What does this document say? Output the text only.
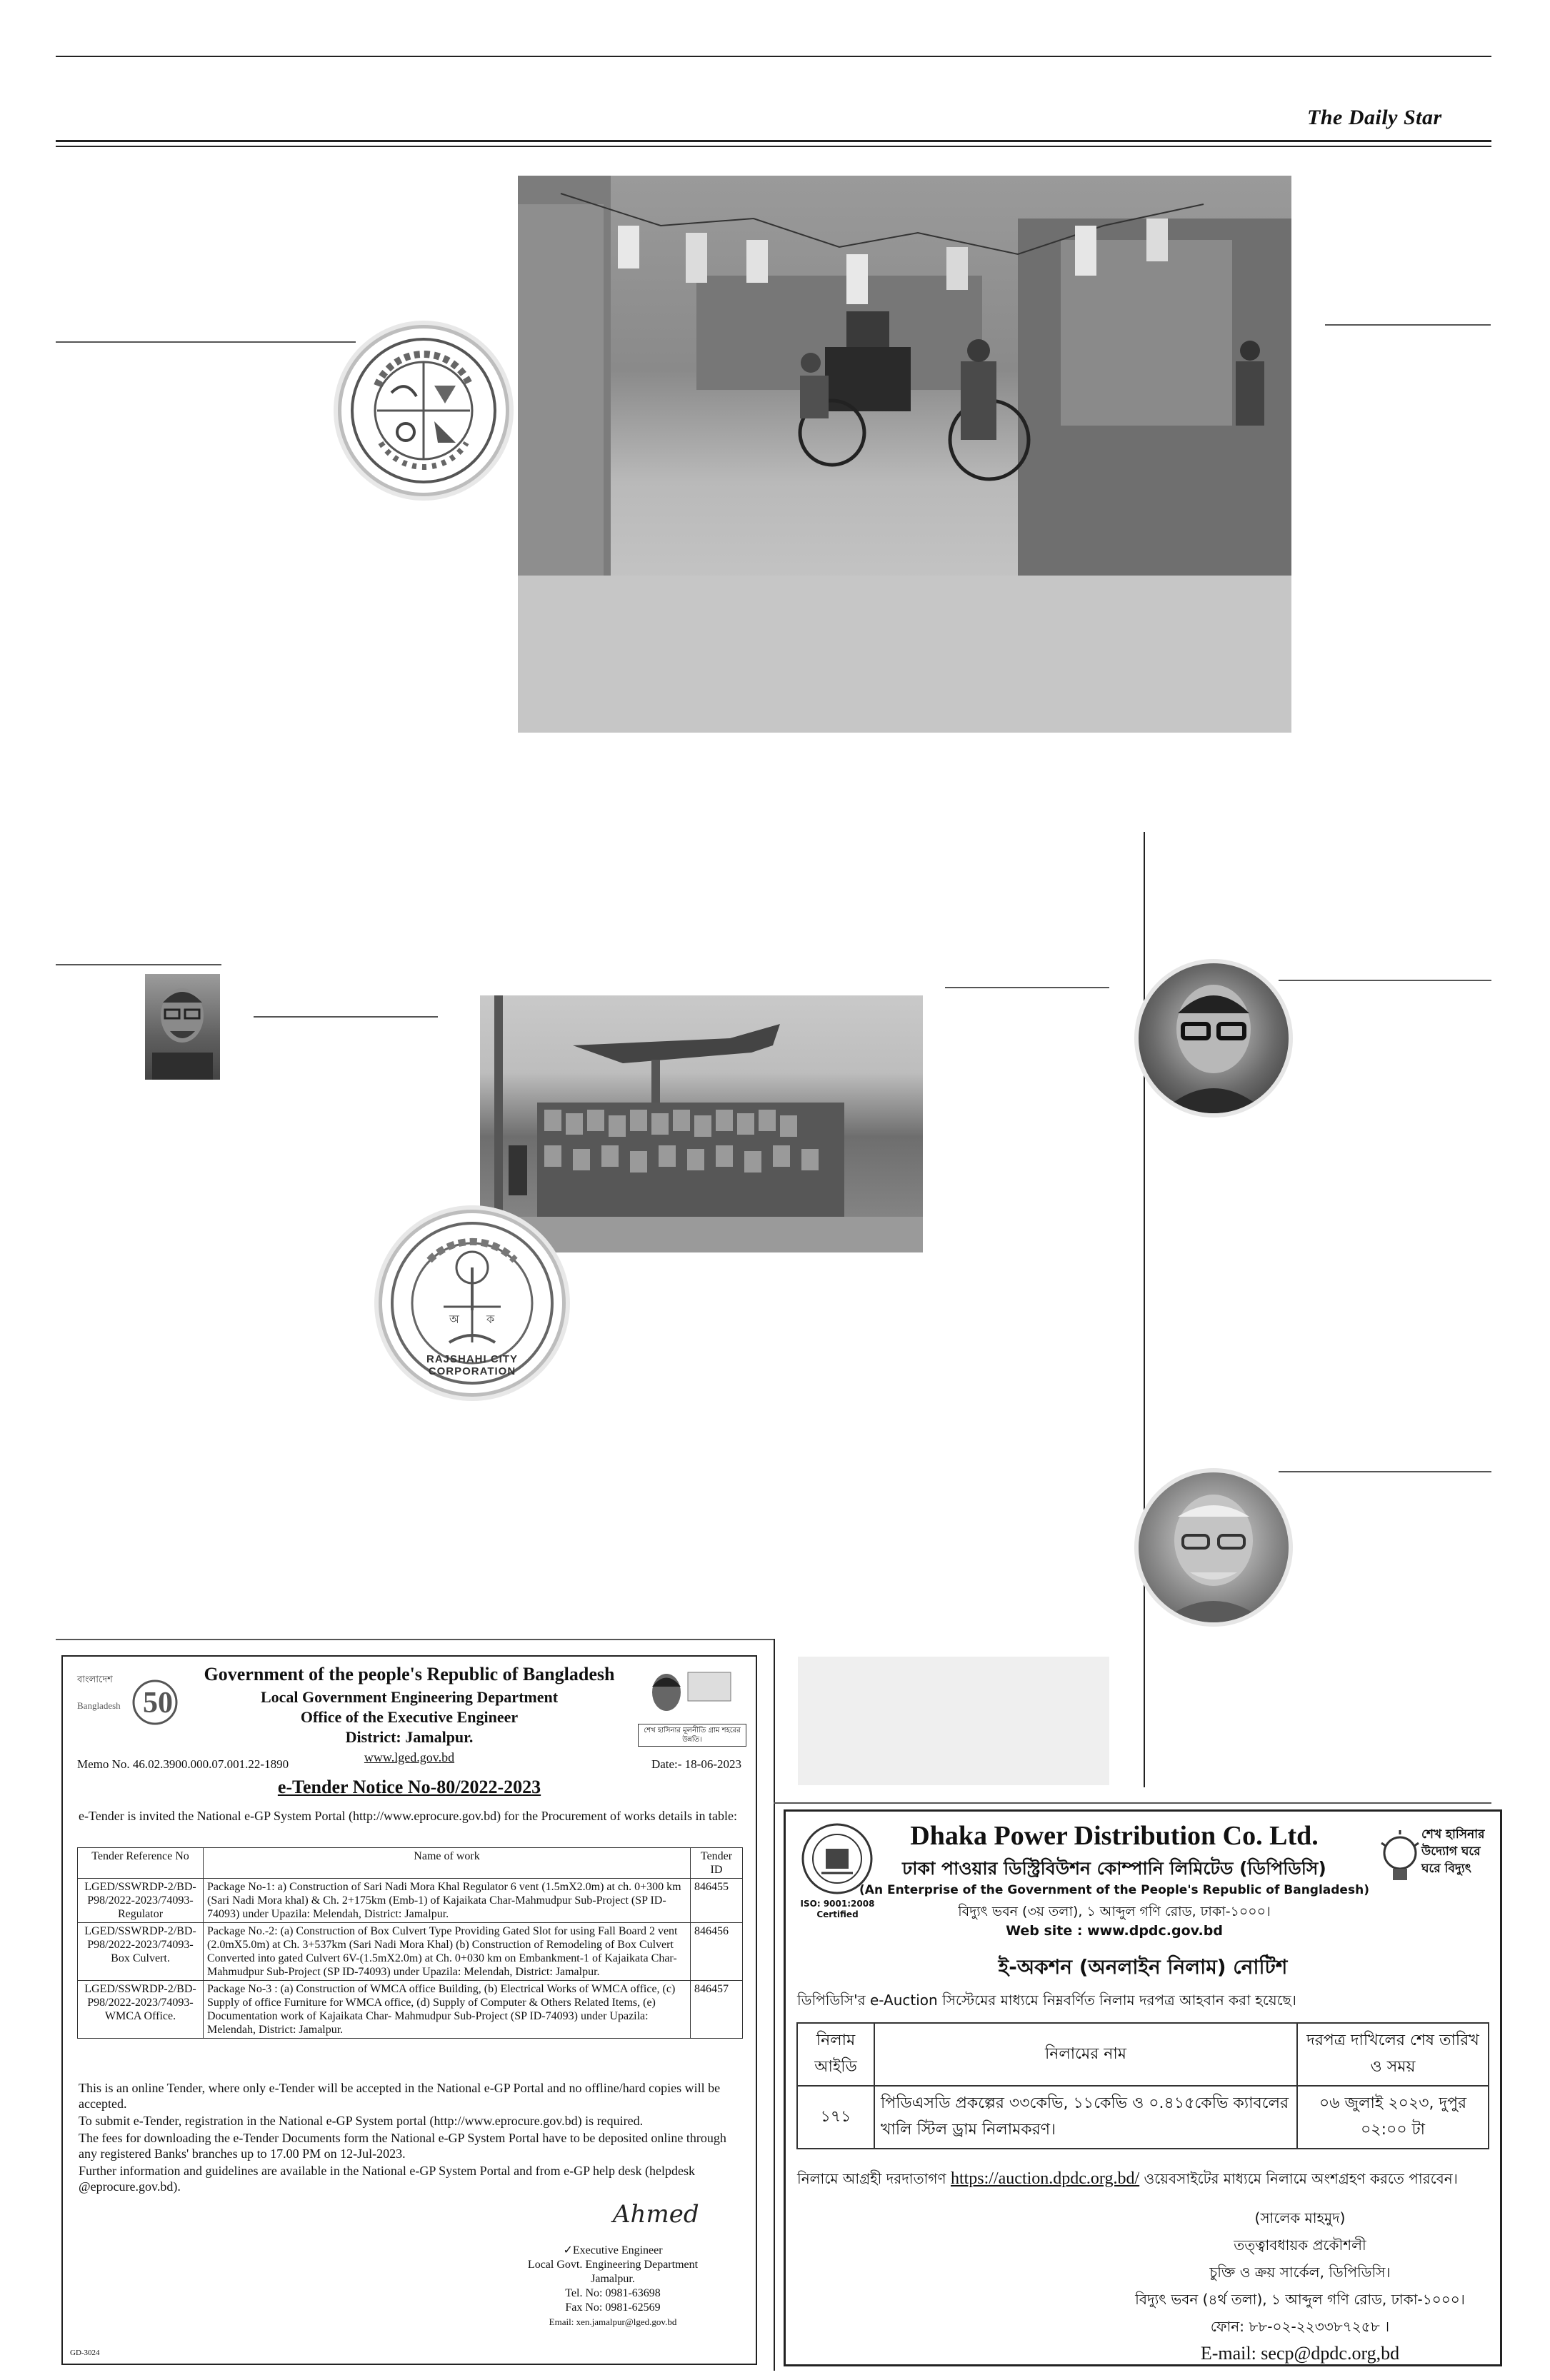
The Daily Star
অ ক
RAJSHAHI CITY CORPORATION
বাংলাদেশ
50
Bangladesh
Government of the people's Republic of Bangladesh
Local Government Engineering Department
Office of the Executive Engineer
District: Jamalpur.
www.lged.gov.bd
শেখ হাসিনার মূলনীতি গ্রাম শহরের উন্নতি।
Memo No. 46.02.3900.000.07.001.22-1890	Date:- 18-06-2023
e-Tender Notice No-80/2022-2023
e-Tender is invited the National e-GP System Portal (http://www.eprocure.gov.bd) for the Procurement of works details in table:
Tender Reference No	Name of work	Tender ID
LGED/SSWRDP-2/BD-P98/2022-2023/74093-Regulator	Package No-1: a) Construction of Sari Nadi Mora Khal Regulator 6 vent (1.5mX2.0m) at ch. 0+300 km (Sari Nadi Mora khal) & Ch. 2+175km (Emb-1) of Kajaikata Char-Mahmudpur Sub-Project (SP ID-74093) under Upazila: Melendah, District: Jamalpur.	846455
LGED/SSWRDP-2/BD-P98/2022-2023/74093-Box Culvert.	Package No.-2: (a) Construction of Box Culvert Type Providing Gated Slot for using Fall Board 2 vent (2.0mX5.0m) at Ch. 3+537km (Sari Nadi Mora Khal) (b) Construction of Remodeling of Box Culvert Converted into gated Culvert 6V-(1.5mX2.0m) at Ch. 0+030 km on Embankment-1 of Kajaikata Char-Mahmudpur Sub-Project (SP ID-74093) under Upazila: Melendah, District: Jamalpur.	846456
LGED/SSWRDP-2/BD-P98/2022-2023/74093-WMCA Office.	Package No-3 : (a) Construction of WMCA office Building, (b) Electrical Works of WMCA office, (c) Supply of office Furniture for WMCA office, (d) Supply of Computer & Others Related Items, (e) Documentation work of Kajaikata Char- Mahmudpur Sub-Project (SP ID-74093) under Upazila: Melendah, District: Jamalpur.	846457
This is an online Tender, where only e-Tender will be accepted in the National e-GP Portal and no offline/hard copies will be accepted.
To submit e-Tender, registration in the National e-GP System portal (http://www.eprocure.gov.bd) is required.
The fees for downloading the e-Tender Documents form the National e-GP System Portal have to be deposited online through any registered Banks' branches up to 17.00 PM on 12-Jul-2023.
Further information and guidelines are available in the National e-GP System Portal and from e-GP help desk (helpdesk @eprocure.gov.bd).
Ahmed
✓Executive Engineer
Local Govt. Engineering Department
Jamalpur.
Tel. No: 0981-63698
Fax No: 0981-62569
Email: xen.jamalpur@lged.gov.bd
GD-3024
ISO: 9001:2008
Certified
Dhaka Power Distribution Co. Ltd.
ঢাকা পাওয়ার ডিস্ট্রিবিউশন কোম্পানি লিমিটেড (ডিপিডিসি)
(An Enterprise of the Government of the People's Republic of Bangladesh)
বিদ্যুৎ ভবন (৩য় তলা), ১ আব্দুল গণি রোড, ঢাকা-১০০০।
Web site : www.dpdc.gov.bd
শেখ হাসিনার উদ্যোগ ঘরে ঘরে বিদ্যুৎ
ই-অকশন (অনলাইন নিলাম) নোটিশ
ডিপিডিসি'র e-Auction সিস্টেমের মাধ্যমে নিম্নবর্ণিত নিলাম দরপত্র আহবান করা হয়েছে।
নিলাম আইডি	নিলামের নাম	দরপত্র দাখিলের শেষ তারিখ ও সময়
১৭১	পিডিএসডি প্রকল্পের ৩৩কেভি, ১১কেভি ও ০.৪১৫কেভি ক্যাবলের খালি স্টিল ড্রাম নিলামকরণ।	০৬ জুলাই ২০২৩, দুপুর ০২:০০ টা
নিলামে আগ্রহী দরদাতাগণ https://auction.dpdc.org.bd/ ওয়েবসাইটের মাধ্যমে নিলামে অংশগ্রহণ করতে পারবেন।
(সালেক মাহমুদ)
তত্ত্বাবধায়ক প্রকৌশলী
চুক্তি ও ক্রয় সার্কেল, ডিপিডিসি।
বিদ্যুৎ ভবন (৪র্থ তলা), ১ আব্দুল গণি রোড, ঢাকা-১০০০।
ফোন: ৮৮-০২-২২৩৩৮৭২৫৮ ।
E-mail: secp@dpdc.org,bd
